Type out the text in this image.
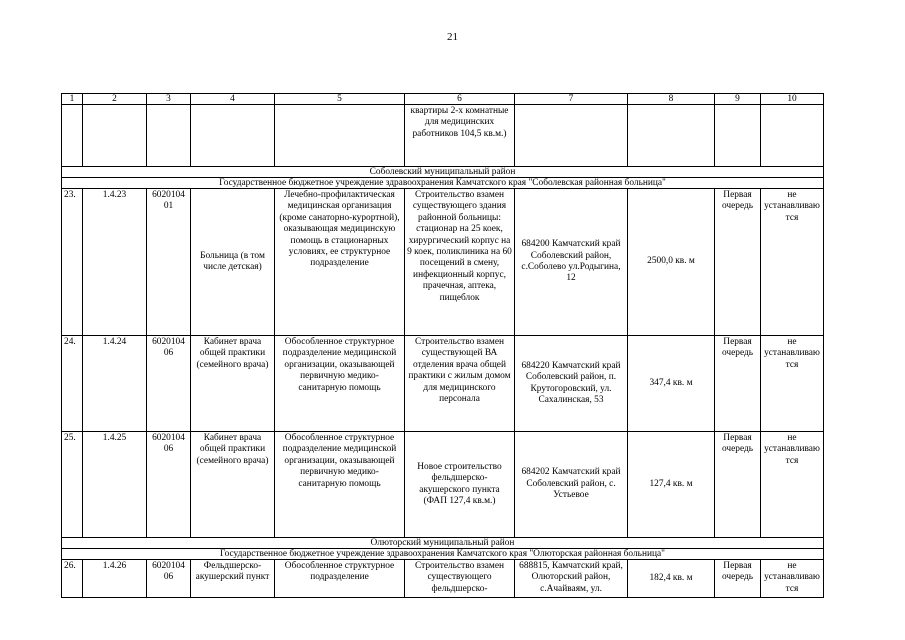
21
1	2	3	4	5	6	7	8	9	10
					квартиры 2-х комнатные для медицинских работников 104,5 кв.м.)				
Соболевский муниципальный район									
Государственное бюджетное учреждение здравоохранения Камчатского края "Соболевская районная больница"									
23.	1.4.23	6020104 01	Больница (в том числе детская)	Лечебно-профилактическая медицинская организация (кроме санаторно-курортной), оказывающая медицинскую помощь в стационарных условиях, ее структурное подразделение	Строительство взамен существующего здания районной больницы: стационар на 25 коек, хирургический корпус на 9 коек, поликлиника на 60 посещений в смену, инфекционный корпус, прачечная, аптека, пищеблок	684200 Камчатский край Соболевский район, с.Соболево ул.Родыгина, 12	2500,0 кв. м	Первая очередь	не устанавливаются
24.	1.4.24	6020104 06	Кабинет врача общей практики (семейного врача)	Обособленное структурное подразделение медицинской организации, оказывающей первичную медико-санитарную помощь	Строительство взамен существующей ВА отделения врача общей практики с жилым домом для медицинского персонала	684220 Камчатский край Соболевский район, п. Крутогоровский, ул. Сахалинская, 53	347,4 кв. м	Первая очередь	не устанавливаются
25.	1.4.25	6020104 06	Кабинет врача общей практики (семейного врача)	Обособленное структурное подразделение медицинской организации, оказывающей первичную медико-санитарную помощь	Новое строительство фельдшерско-акушерского пункта (ФАП 127,4 кв.м.)	684202 Камчатский край Соболевский район, с. Устьевое	127,4 кв. м	Первая очередь	не устанавливаются
Олюторский муниципальный район									
Государственное бюджетное учреждение здравоохранения Камчатского края "Олюторская районная больница"									
26.	1.4.26	6020104 06	Фельдшерско-акушерский пункт	Обособленное структурное подразделение	Строительство взамен существующего фельдшерско-	688815, Камчатский край, Олюторский район, с.Ачайваям, ул.	182,4 кв. м	Первая очередь	не устанавливаются
